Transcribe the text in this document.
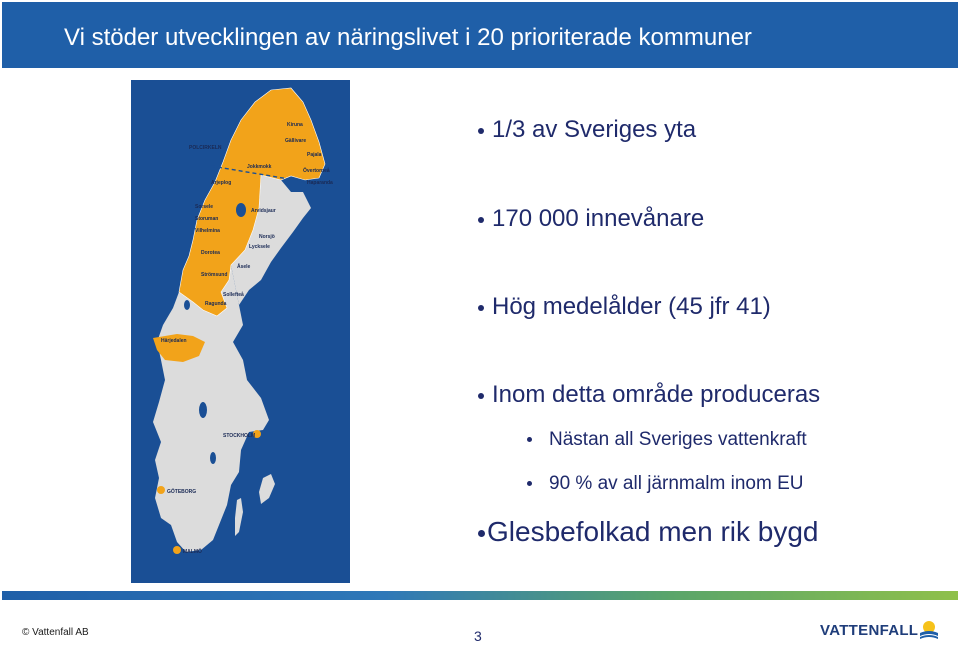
Vi stöder utvecklingen av näringslivet i 20 prioriterade kommuner
Kiruna
Gällivare
Pajala
Jokkmokk
Arjeplog
Övertorneå
Haparanda
POLCIRKELN
Sorsele
Storuman
Vilhelmina
Arvidsjaur
Norsjö
Lycksele
Dorotea
Åsele
Strömsund
Sollefteå
Ragunda
Härjedalen
STOCKHOLM
GÖTEBORG
MALMÖ
1/3 av Sveriges yta
170 000 innevånare
Hög medelålder (45 jfr 41)
Inom detta område produceras
Nästan all Sveriges vattenkraft
90 % av all järnmalm inom EU
Glesbefolkad men rik bygd
© Vattenfall AB	3	VATTENFALL
